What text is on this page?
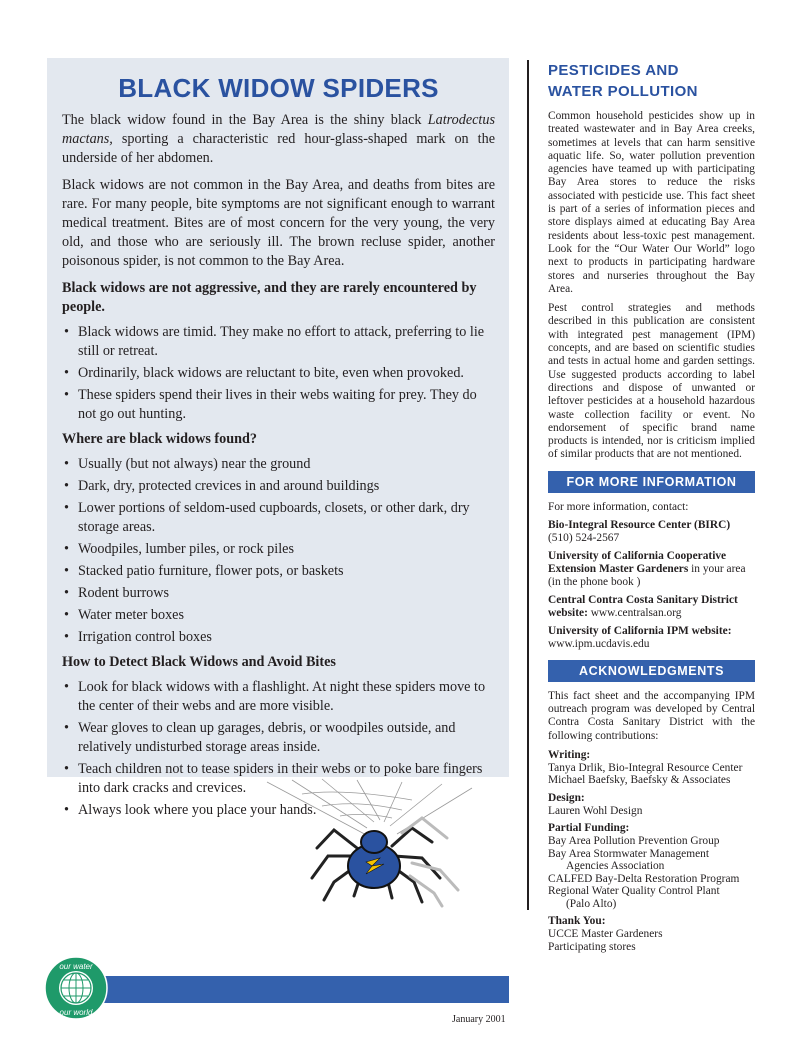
BLACK WIDOW SPIDERS

The black widow found in the Bay Area is the shiny black Latrodectus mactans, sporting a characteristic red hour-glass-shaped mark on the underside of her abdomen.

Black widows are not common in the Bay Area, and deaths from bites are rare. For many people, bite symptoms are not significant enough to warrant medical treatment. Bites are of most concern for the very young, the very old, and those who are seriously ill. The brown recluse spider, another poisonous spider, is not common to the Bay Area.

Black widows are not aggressive, and they are rarely encountered by people.
• Black widows are timid. They make no effort to attack, preferring to lie still or retreat.
• Ordinarily, black widows are reluctant to bite, even when provoked.
• These spiders spend their lives in their webs waiting for prey. They do not go out hunting.
Where are black widows found?
• Usually (but not always) near the ground
• Dark, dry, protected crevices in and around buildings
• Lower portions of seldom-used cupboards, closets, or other dark, dry storage areas.
• Woodpiles, lumber piles, or rock piles
• Stacked patio furniture, flower pots, or baskets
• Rodent burrows
• Water meter boxes
• Irrigation control boxes
How to Detect Black Widows and Avoid Bites
• Look for black widows with a flashlight. At night these spiders move to the center of their webs and are more visible.
• Wear gloves to clean up garages, debris, or woodpiles outside, and relatively undisturbed storage areas inside.
• Teach children not to tease spiders in their webs or to poke bare fingers into dark cracks and crevices.
• Always look where you place your hands.
PESTICIDES AND
WATER POLLUTION

Common household pesticides show up in treated wastewater and in Bay Area creeks, sometimes at levels that can harm sensitive aquatic life. So, water pollution prevention agencies have teamed up with participating Bay Area stores to reduce the risks associated with pesticide use. This fact sheet is part of a series of information pieces and store displays aimed at educating Bay Area residents about less-toxic pest management. Look for the “Our Water Our World” logo next to products in participating hardware stores and nurseries throughout the Bay Area.

Pest control strategies and methods described in this publication are consistent with integrated pest management (IPM) concepts, and are based on scientific studies and tests in actual home and garden settings. Use suggested products according to label directions and dispose of unwanted or leftover pesticides at a household hazardous waste collection facility or event. No endorsement of specific brand name products is intended, nor is criticism implied of similar products that are not mentioned.

FOR MORE INFORMATION
For more information, contact:
Bio-Integral Resource Center (BIRC)
(510) 524-2567
University of California Cooperative Extension Master Gardeners in your area (in the phone book )
Central Contra Costa Sanitary District website: www.centralsan.org
University of California IPM website:
www.ipm.ucdavis.edu
ACKNOWLEDGMENTS

This fact sheet and the accompanying IPM outreach program was developed by Central Contra Costa Sanitary District with the following contributions:

Writing:
Tanya Drlik, Bio-Integral Resource Center
Michael Baefsky, Baefsky & Associates
Design:
Lauren Wohl Design
Partial Funding:
Bay Area Pollution Prevention Group
Bay Area Stormwater Management
Agencies Association
CALFED Bay-Delta Restoration Program
Regional Water Quality Control Plant
(Palo Alto)
Thank You:
UCCE Master Gardeners
Participating stores
our water
our world
January 2001
